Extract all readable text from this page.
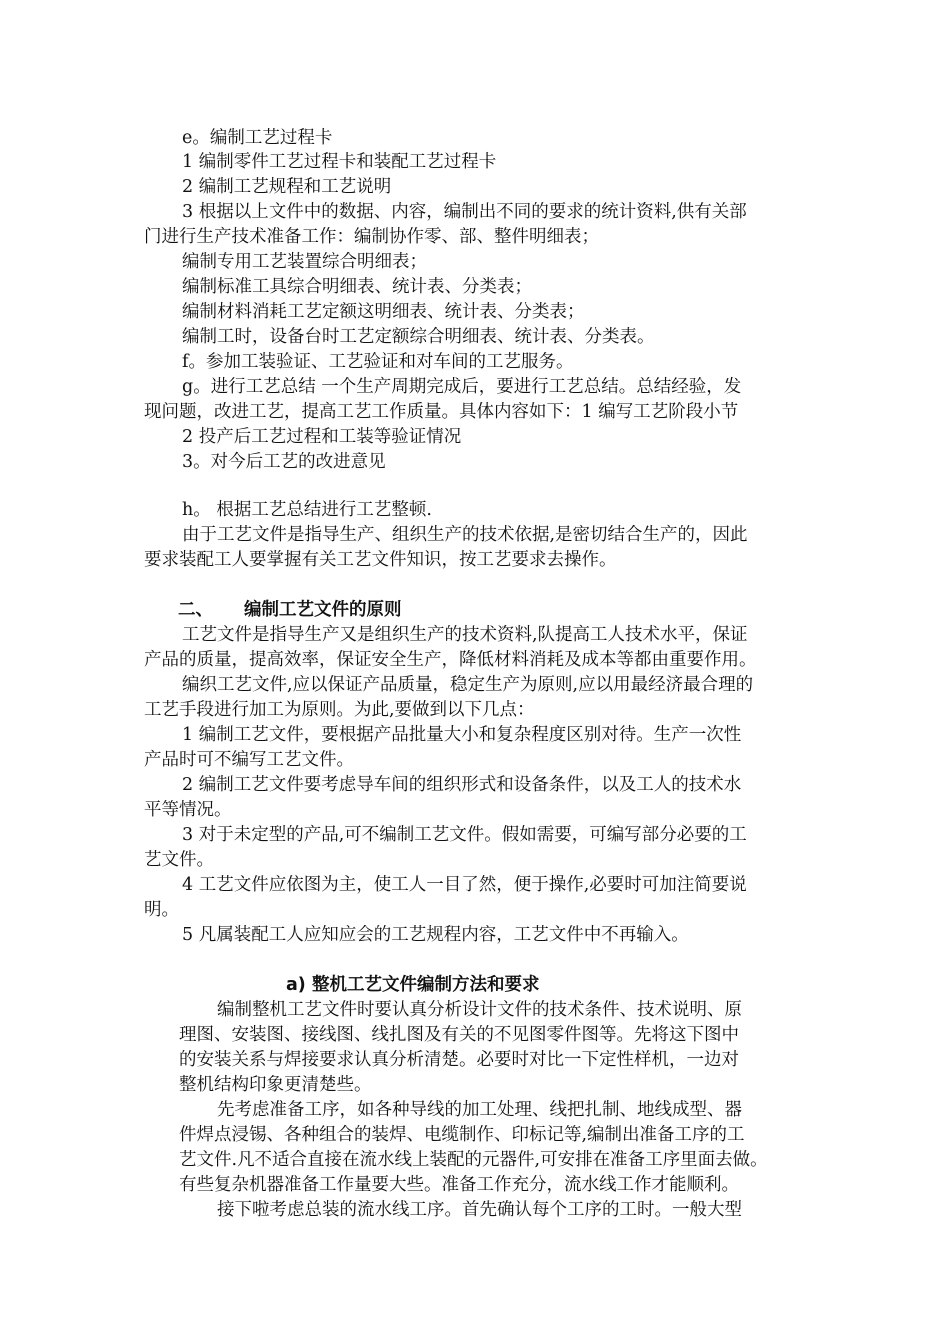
e。编制工艺过程卡
1 编制零件工艺过程卡和装配工艺过程卡
2 编制工艺规程和工艺说明
3 根据以上文件中的数据、内容，编制出不同的要求的统计资料,供有关部
门进行生产技术准备工作：编制协作零、部、整件明细表；
编制专用工艺装置综合明细表；
编制标准工具综合明细表、统计表、分类表；
编制材料消耗工艺定额这明细表、统计表、分类表；
编制工时，设备台时工艺定额综合明细表、统计表、分类表。
f。参加工装验证、工艺验证和对车间的工艺服务。
g。进行工艺总结 一个生产周期完成后，要进行工艺总结。总结经验，发
现问题，改进工艺，提高工艺工作质量。具体内容如下：1 编写工艺阶段小节
2 投产后工艺过程和工装等验证情况
3。对今后工艺的改进意见
h。 根据工艺总结进行工艺整顿.
由于工艺文件是指导生产、组织生产的技术依据,是密切结合生产的，因此
要求装配工人要掌握有关工艺文件知识，按工艺要求去操作。
二、 编制工艺文件的原则
工艺文件是指导生产又是组织生产的技术资料,队提高工人技术水平，保证
产品的质量，提高效率，保证安全生产，降低材料消耗及成本等都由重要作用。
编织工艺文件,应以保证产品质量，稳定生产为原则,应以用最经济最合理的
工艺手段进行加工为原则。为此,要做到以下几点：
1 编制工艺文件，要根据产品批量大小和复杂程度区别对待。生产一次性
产品时可不编写工艺文件。
2 编制工艺文件要考虑导车间的组织形式和设备条件，以及工人的技术水
平等情况。
3 对于未定型的产品,可不编制工艺文件。假如需要，可编写部分必要的工
艺文件。
4 工艺文件应依图为主，使工人一目了然，便于操作,必要时可加注简要说
明。
5 凡属装配工人应知应会的工艺规程内容，工艺文件中不再输入。
a) 整机工艺文件编制方法和要求
编制整机工艺文件时要认真分析设计文件的技术条件、技术说明、原
理图、安装图、接线图、线扎图及有关的不见图零件图等。先将这下图中
的安装关系与焊接要求认真分析清楚。必要时对比一下定性样机，一边对
整机结构印象更清楚些。
先考虑准备工序，如各种导线的加工处理、线把扎制、地线成型、器
件焊点浸锡、各种组合的装焊、电缆制作、印标记等,编制出准备工序的工
艺文件.凡不适合直接在流水线上装配的元器件,可安排在准备工序里面去做。
有些复杂机器准备工作量要大些。准备工作充分，流水线工作才能顺利。
接下啦考虑总装的流水线工序。首先确认每个工序的工时。一般大型
